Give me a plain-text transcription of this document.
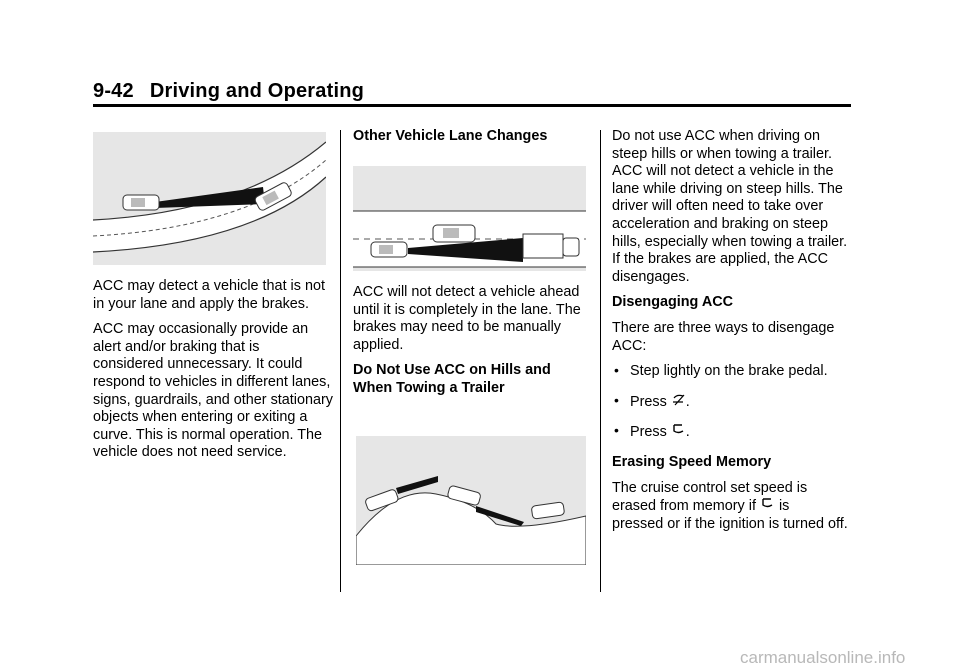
9-42 Driving and Operating

ACC may detect a vehicle that is not in your lane and apply the brakes.

ACC may occasionally provide an alert and/or braking that is considered unnecessary. It could respond to vehicles in different lanes, signs, guardrails, and other stationary objects when entering or exiting a curve. This is normal operation. The vehicle does not need service.

Other Vehicle Lane Changes

ACC will not detect a vehicle ahead until it is completely in the lane. The brakes may need to be manually applied.

Do Not Use ACC on Hills and When Towing a Trailer

Do not use ACC when driving on steep hills or when towing a trailer. ACC will not detect a vehicle in the lane while driving on steep hills. The driver will often need to take over acceleration and braking on steep hills, especially when towing a trailer. If the brakes are applied, the ACC disengages.

Disengaging ACC

There are three ways to disengage ACC:

• Step lightly on the brake pedal.
• Press .
• Press .

Erasing Speed Memory

The cruise control set speed is
erased from memory if is
pressed or if the ignition is turned off.

carmanualsonline.info
